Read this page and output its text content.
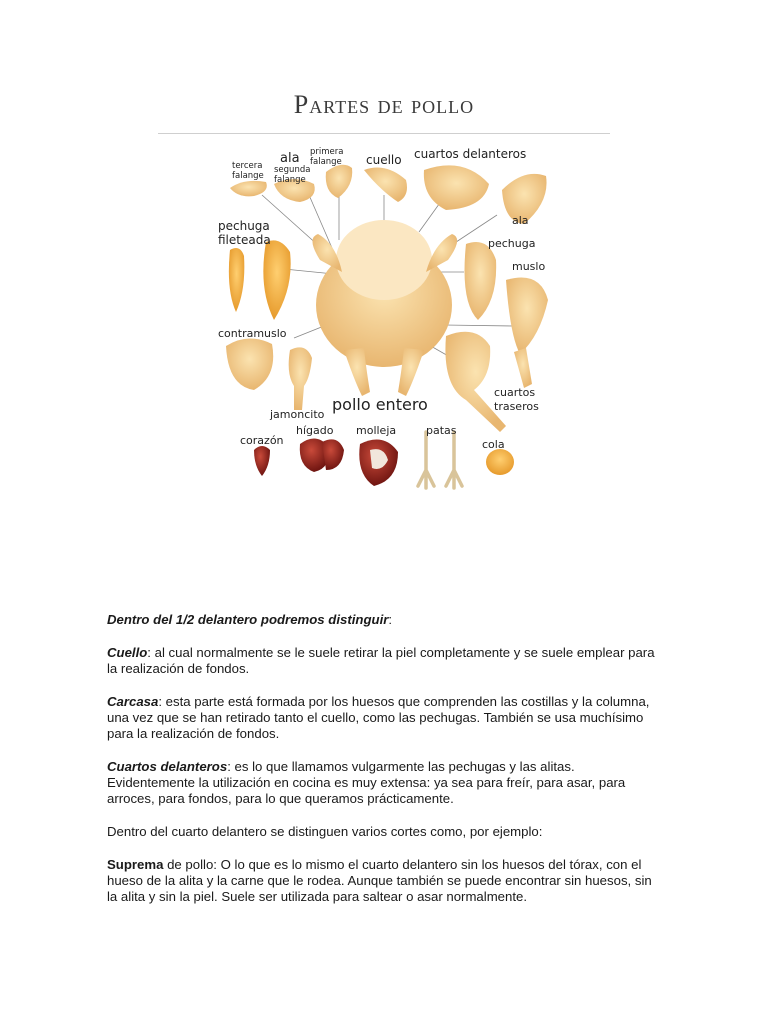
Partes de pollo
tercera
falange
ala
segunda
falange
primera
falange cuello cuartos delanteros
ala
pechuga
fileteada	pechuga
muslo
contramuslo
pollo entero
cuartos
traseros
jamoncito
hígado molleja	patas
corazón	cola

Dentro del 1/2 delantero podremos distinguir:

Cuello: al cual normalmente se le suele retirar la piel completamente y se suele emplear para la realización de fondos.

Carcasa: esta parte está formada por los huesos que comprenden las costillas y la columna, una vez que se han retirado tanto el cuello, como las pechugas. También se usa muchísimo para la realización de fondos.

Cuartos delanteros: es lo que llamamos vulgarmente las pechugas y las alitas. Evidentemente la utilización en cocina es muy extensa: ya sea para freír, para asar, para arroces, para fondos, para lo que queramos prácticamente.

Dentro del cuarto delantero se distinguen varios cortes como, por ejemplo:

Suprema de pollo: O lo que es lo mismo el cuarto delantero sin los huesos del tórax, con el hueso de la alita y la carne que le rodea. Aunque también se puede encontrar sin huesos, sin la alita y sin la piel. Suele ser utilizada para saltear o asar normalmente.
